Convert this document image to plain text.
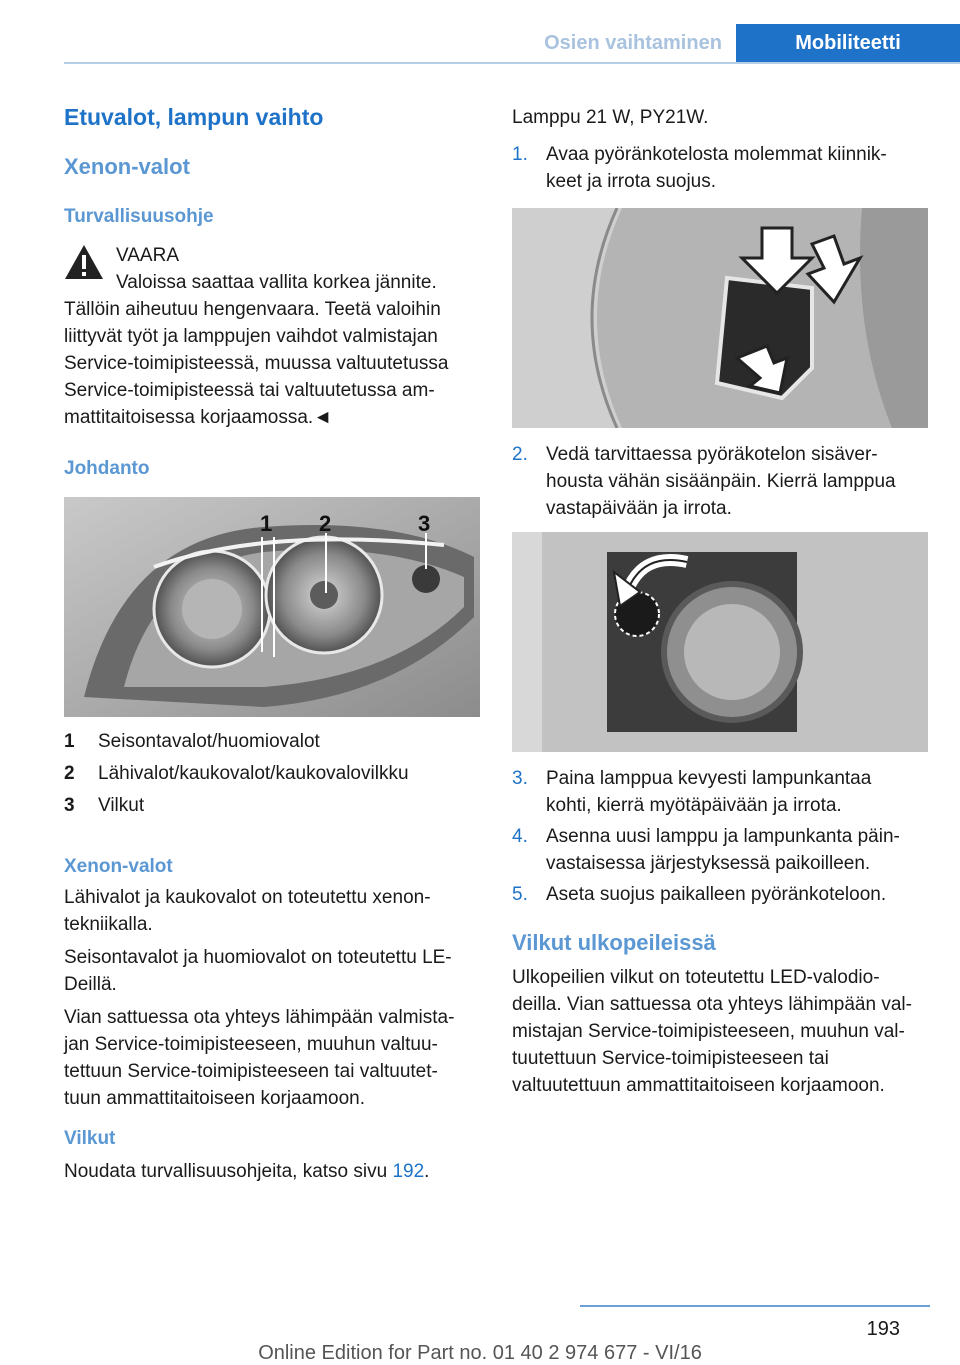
Osien vaihtaminen	Mobiliteetti
Etuvalot, lampun vaihto
Xenon-valot
Turvallisuusohje
VAARA
Valoissa saattaa vallita korkea jännite.
Tällöin aiheutuu hengenvaara. Teetä valoihin
liittyvät työt ja lamppujen vaihdot valmistajan
Service-toimipisteessä, muussa valtuutetussa
Service-toimipisteessä tai valtuutetussa am-
mattitaitoisessa korjaamossa.◄
Johdanto
1 2	3
1 Seisontavalot/huomiovalot
2 Lähivalot/kaukovalot/kaukovalovilkku
3 Vilkut
Xenon-valot
Lähivalot ja kaukovalot on toteutettu xenon-
tekniikalla.
Seisontavalot ja huomiovalot on toteutettu LE-
Deillä.
Vian sattuessa ota yhteys lähimpään valmista-
jan Service-toimipisteeseen, muuhun valtuu-
tettuun Service-toimipisteeseen tai valtuutet-
tuun ammattitaitoiseen korjaamoon.
Vilkut
Noudata turvallisuusohjeita, katso sivu 192.
Lamppu 21 W, PY21W.
1. Avaa pyöränkotelosta molemmat kiinnik-
keet ja irrota suojus.
2. Vedä tarvittaessa pyöräkotelon sisäver-
housta vähän sisäänpäin. Kierrä lamppua
vastapäivään ja irrota.
3. Paina lamppua kevyesti lampunkantaa
kohti, kierrä myötäpäivään ja irrota.
4. Asenna uusi lamppu ja lampunkanta päin-
vastaisessa järjestyksessä paikoilleen.
5. Aseta suojus paikalleen pyöränkoteloon.
Vilkut ulkopeileissä
Ulkopeilien vilkut on toteutettu LED-valodio-
deilla. Vian sattuessa ota yhteys lähimpään val-
mistajan Service-toimipisteeseen, muuhun val-
tuutettuun Service-toimipisteeseen tai
valtuutettuun ammattitaitoiseen korjaamoon.
193
Online Edition for Part no. 01 40 2 974 677 - VI/16
